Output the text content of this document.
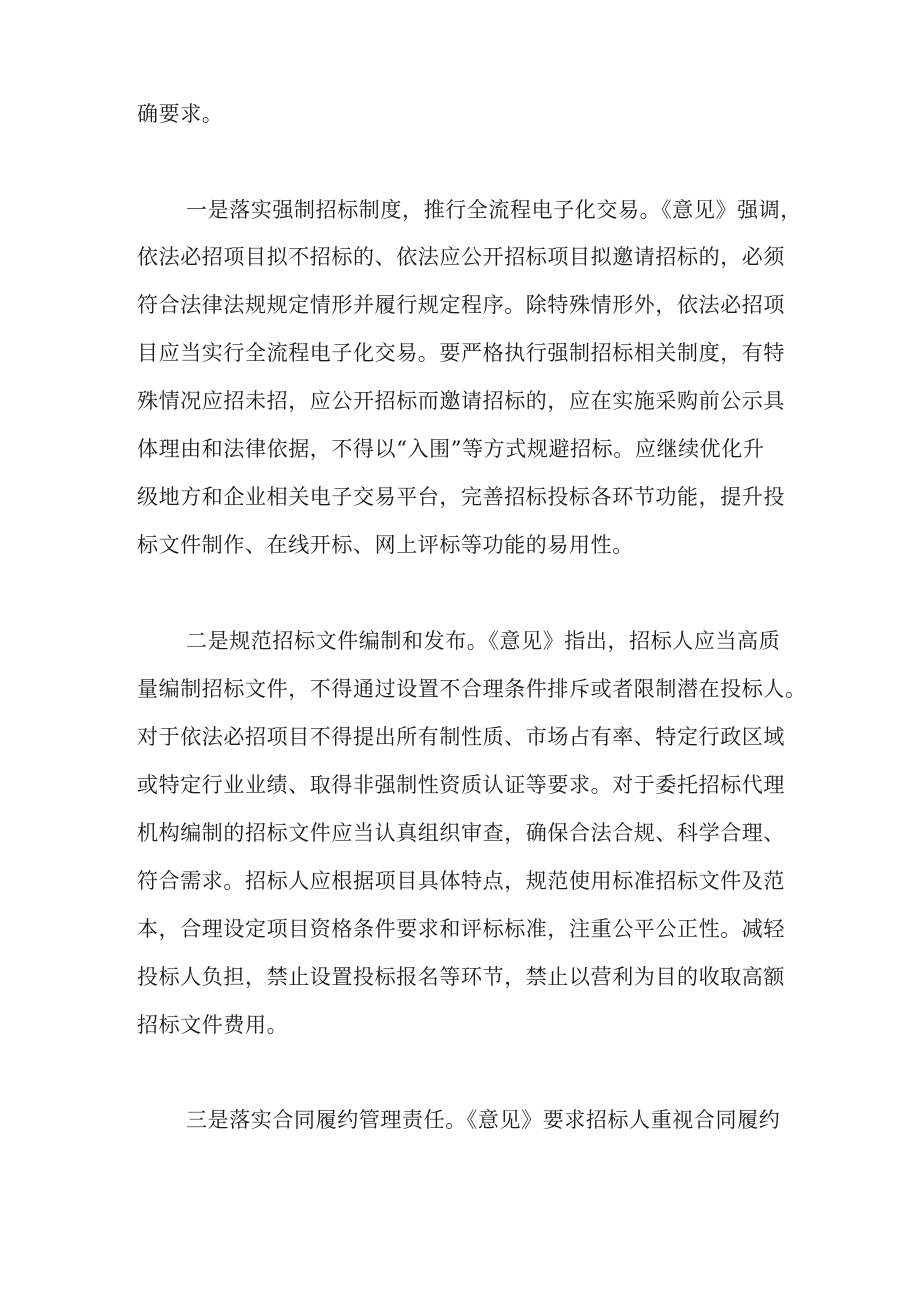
确要求。
一是落实强制招标制度，推行全流程电子化交易。《意见》强调，
依法必招项目拟不招标的、依法应公开招标项目拟邀请招标的，必须
符合法律法规规定情形并履行规定程序。除特殊情形外，依法必招项
目应当实行全流程电子化交易。要严格执行强制招标相关制度，有特
殊情况应招未招，应公开招标而邀请招标的，应在实施采购前公示具
体理由和法律依据，不得以“入围”等方式规避招标。应继续优化升
级地方和企业相关电子交易平台，完善招标投标各环节功能，提升投
标文件制作、在线开标、网上评标等功能的易用性。
二是规范招标文件编制和发布。《意见》指出，招标人应当高质
量编制招标文件，不得通过设置不合理条件排斥或者限制潜在投标人。
对于依法必招项目不得提出所有制性质、市场占有率、特定行政区域
或特定行业业绩、取得非强制性资质认证等要求。对于委托招标代理
机构编制的招标文件应当认真组织审查，确保合法合规、科学合理、
符合需求。招标人应根据项目具体特点，规范使用标准招标文件及范
本，合理设定项目资格条件要求和评标标准，注重公平公正性。减轻
投标人负担，禁止设置投标报名等环节，禁止以营利为目的收取高额
招标文件费用。
三是落实合同履约管理责任。《意见》要求招标人重视合同履约
